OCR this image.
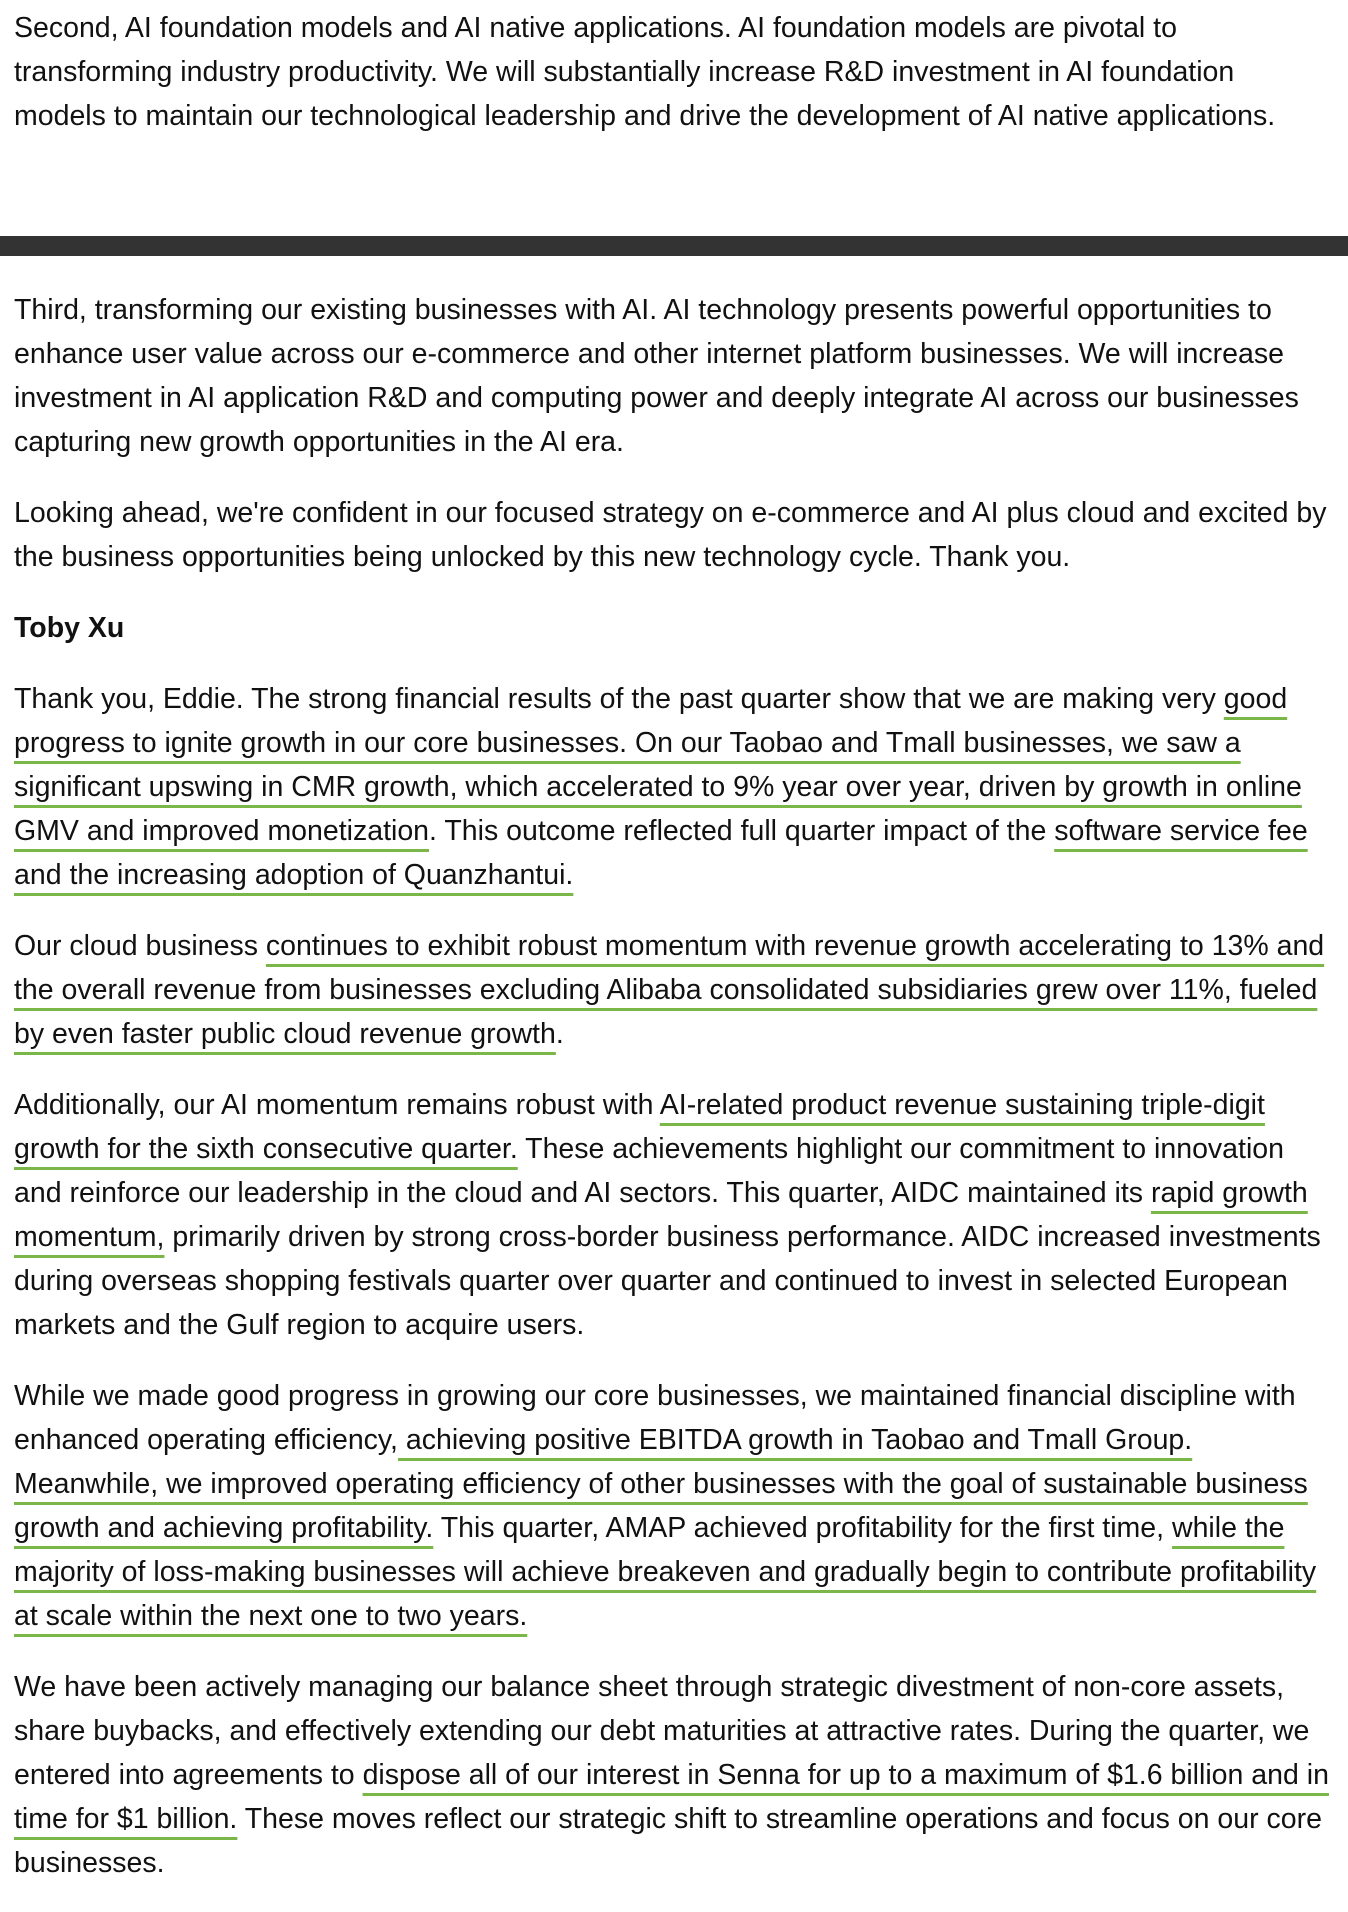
Second, AI foundation models and AI native applications. AI foundation models are pivotal to transforming industry productivity. We will substantially increase R&D investment in AI foundation models to maintain our technological leadership and drive the development of AI native applications.

Third, transforming our existing businesses with AI. AI technology presents powerful opportunities to enhance user value across our e-commerce and other internet platform businesses. We will increase investment in AI application R&D and computing power and deeply integrate AI across our businesses capturing new growth opportunities in the AI era.

Looking ahead, we're confident in our focused strategy on e-commerce and AI plus cloud and excited by the business opportunities being unlocked by this new technology cycle. Thank you.

Toby Xu

Thank you, Eddie. The strong financial results of the past quarter show that we are making very good progress to ignite growth in our core businesses. On our Taobao and Tmall businesses, we saw a significant upswing in CMR growth, which accelerated to 9% year over year, driven by growth in online GMV and improved monetization. This outcome reflected full quarter impact of the software service fee and the increasing adoption of Quanzhantui.

Our cloud business continues to exhibit robust momentum with revenue growth accelerating to 13% and the overall revenue from businesses excluding Alibaba consolidated subsidiaries grew over 11%, fueled by even faster public cloud revenue growth.

Additionally, our AI momentum remains robust with AI-related product revenue sustaining triple-digit growth for the sixth consecutive quarter. These achievements highlight our commitment to innovation and reinforce our leadership in the cloud and AI sectors. This quarter, AIDC maintained its rapid growth momentum, primarily driven by strong cross-border business performance. AIDC increased investments during overseas shopping festivals quarter over quarter and continued to invest in selected European markets and the Gulf region to acquire users.

While we made good progress in growing our core businesses, we maintained financial discipline with enhanced operating efficiency, achieving positive EBITDA growth in Taobao and Tmall Group. Meanwhile, we improved operating efficiency of other businesses with the goal of sustainable business growth and achieving profitability. This quarter, AMAP achieved profitability for the first time, while the majority of loss-making businesses will achieve breakeven and gradually begin to contribute profitability at scale within the next one to two years.

We have been actively managing our balance sheet through strategic divestment of non-core assets, share buybacks, and effectively extending our debt maturities at attractive rates. During the quarter, we entered into agreements to dispose all of our interest in Senna for up to a maximum of $1.6 billion and in time for $1 billion. These moves reflect our strategic shift to streamline operations and focus on our core businesses.
